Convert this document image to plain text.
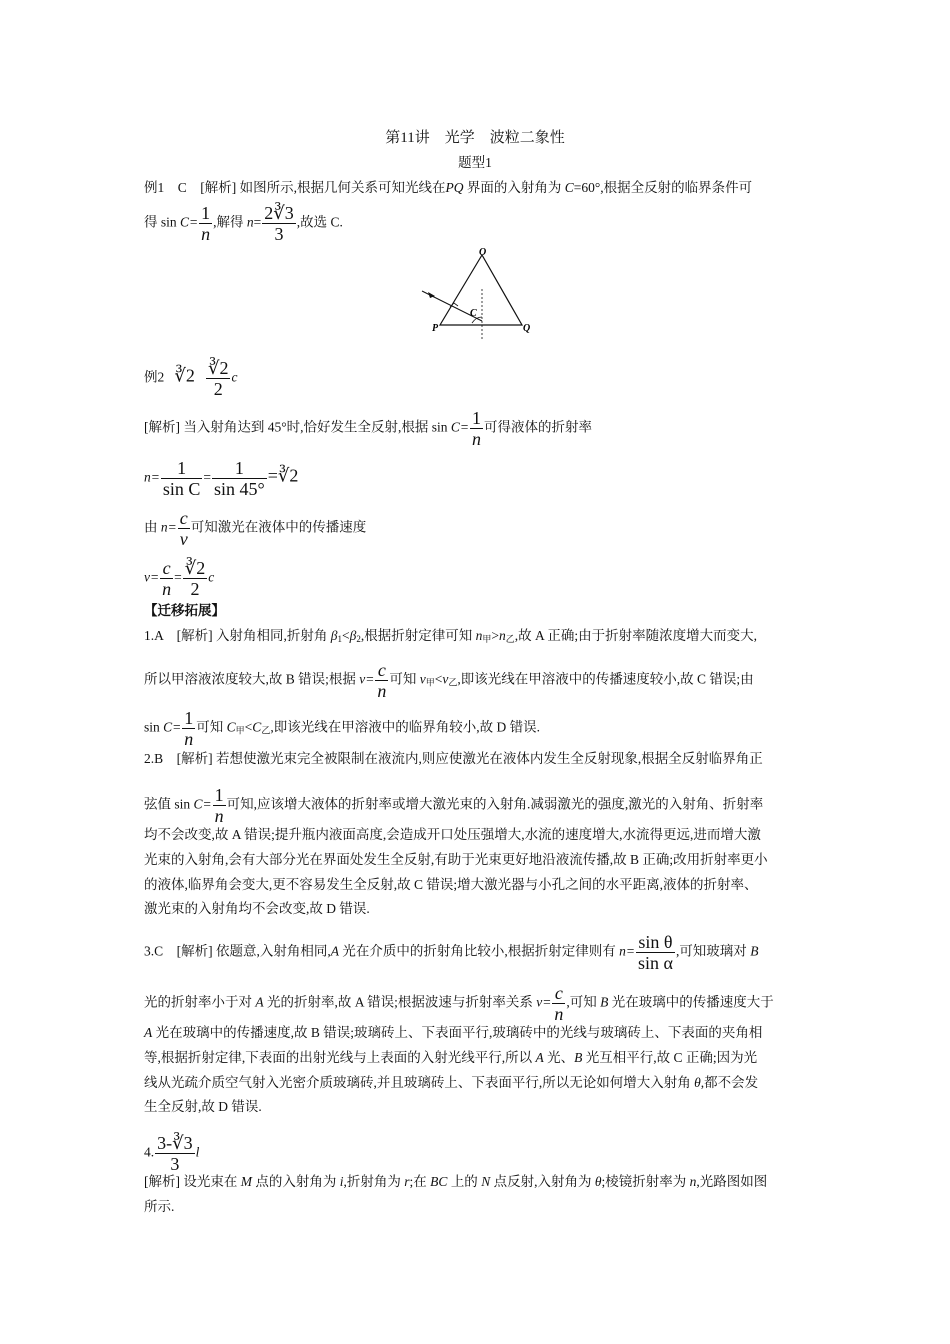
第11讲　光学　波粒二象性
题型1
例1　C　[解析] 如图所示,根据几何关系可知光线在PQ 界面的入射角为 C=60°,根据全反射的临界条件可
得 $\sin C= \frac{1}{n}$ ,解得 $n= \frac{2∛3}{3}$ ,故选 C.
O
P	Q
C
例2 ∛2 $\frac{∛2}{2}$ c
[解析] 当入射角达到 45°时,恰好发生全反射,根据 $\sin C= \frac{1}{n}$ 可得液体的折射率
$n= \frac{1}{\text{sin C}} = \frac{1}{\sin 45^\circ}$ =∛2
由 $n= \frac{c}{v}$ 可知激光在液体中的传播速度
$v= \frac{c}{n} = \frac{∛2}{2}$ c
【迁移拓展】
1.A　[解析] 入射角相同,折射角 $\beta_1<\beta_2$,根据折射定律可知 $n_甲>n_乙$,故 A 正确;由于折射率随浓度增大而变大,
所以甲溶液浓度较大,故 B 错误;根据 $v= \frac{c}{n}$ 可知 $v_甲<v_乙$,即该光线在甲溶液中的传播速度较小,故 C 错误;由
$\sin C= \frac{1}{n}$ 可知 $C_甲<C_乙$,即该光线在甲溶液中的临界角较小,故 D 错误.
2.B　[解析] 若想使激光束完全被限制在液流内,则应使激光在液体内发生全反射现象,根据全反射临界角正
弦值 $\sin C= \frac{1}{n}$ 可知,应该增大液体的折射率或增大激光束的入射角.减弱激光的强度,激光的入射角、折射率
均不会改变,故 A 错误;提升瓶内液面高度,会造成开口处压强增大,水流的速度增大,水流得更远,进而增大激
光束的入射角,会有大部分光在界面处发生全反射,有助于光束更好地沿液流传播,故 B 正确;改用折射率更小
的液体,临界角会变大,更不容易发生全反射,故 C 错误;增大激光器与小孔之间的水平距离,液体的折射率、
激光束的入射角均不会改变,故 D 错误.
3.C　[解析] 依题意,入射角相同,A 光在介质中的折射角比较小,根据折射定律则有 $n= \frac{\text{sin θ}}{\text{sin α}}$ ,可知玻璃对 B
光的折射率小于对 A 光的折射率,故 A 错误;根据波速与折射率关系 $v= \frac{c}{n}$ ,可知 B 光在玻璃中的传播速度大于
A 光在玻璃中的传播速度,故 B 错误;玻璃砖上、下表面平行,玻璃砖中的光线与玻璃砖上、下表面的夹角相
等,根据折射定律,下表面的出射光线与上表面的入射光线平行,所以 A 光、B 光互相平行,故 C 正确;因为光
线从光疏介质空气射入光密介质玻璃砖,并且玻璃砖上、下表面平行,所以无论如何增大入射角 θ,都不会发
生全反射,故 D 错误.
4. $\frac{3-∛3}{3}$ l
[解析] 设光束在 M 点的入射角为 i,折射角为 r;在 BC 上的 N 点反射,入射角为 θ;棱镜折射率为 n,光路图如图
所示.
